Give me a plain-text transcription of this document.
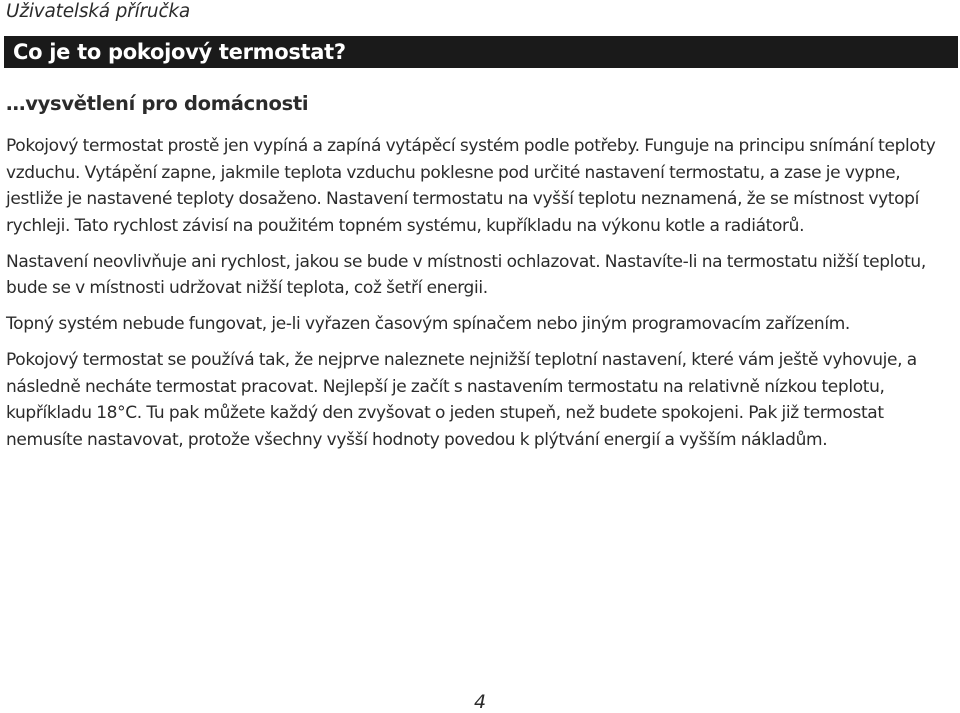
Uživatelská příručka
Co je to pokojový termostat?
…vysvětlení pro domácnosti

Pokojový termostat prostě jen vypíná a zapíná vytápěcí systém podle potřeby. Funguje na principu snímání teploty vzduchu. Vytápění zapne, jakmile teplota vzduchu poklesne pod určité nastavení termostatu, a zase je vypne, jestliže je nastavené teploty dosaženo. Nastavení termostatu na vyšší teplotu neznamená, že se místnost vytopí rychleji. Tato rychlost závisí na použitém topném systému, kupříkladu na výkonu kotle a radiátorů.

Nastavení neovlivňuje ani rychlost, jakou se bude v místnosti ochlazovat. Nastavíte-li na termostatu nižší teplotu, bude se v místnosti udržovat nižší teplota, což šetří energii.

Topný systém nebude fungovat, je-li vyřazen časovým spínačem nebo jiným programovacím zařízením.

Pokojový termostat se používá tak, že nejprve naleznete nejnižší teplotní nastavení, které vám ještě vyhovuje, a následně necháte termostat pracovat. Nejlepší je začít s nastavením termostatu na relativně nízkou teplotu, kupříkladu 18°C. Tu pak můžete každý den zvyšovat o jeden stupeň, než budete spokojeni. Pak již termostat nemusíte nastavovat, protože všechny vyšší hodnoty povedou k plýtvání energií a vyšším nákladům.

4
